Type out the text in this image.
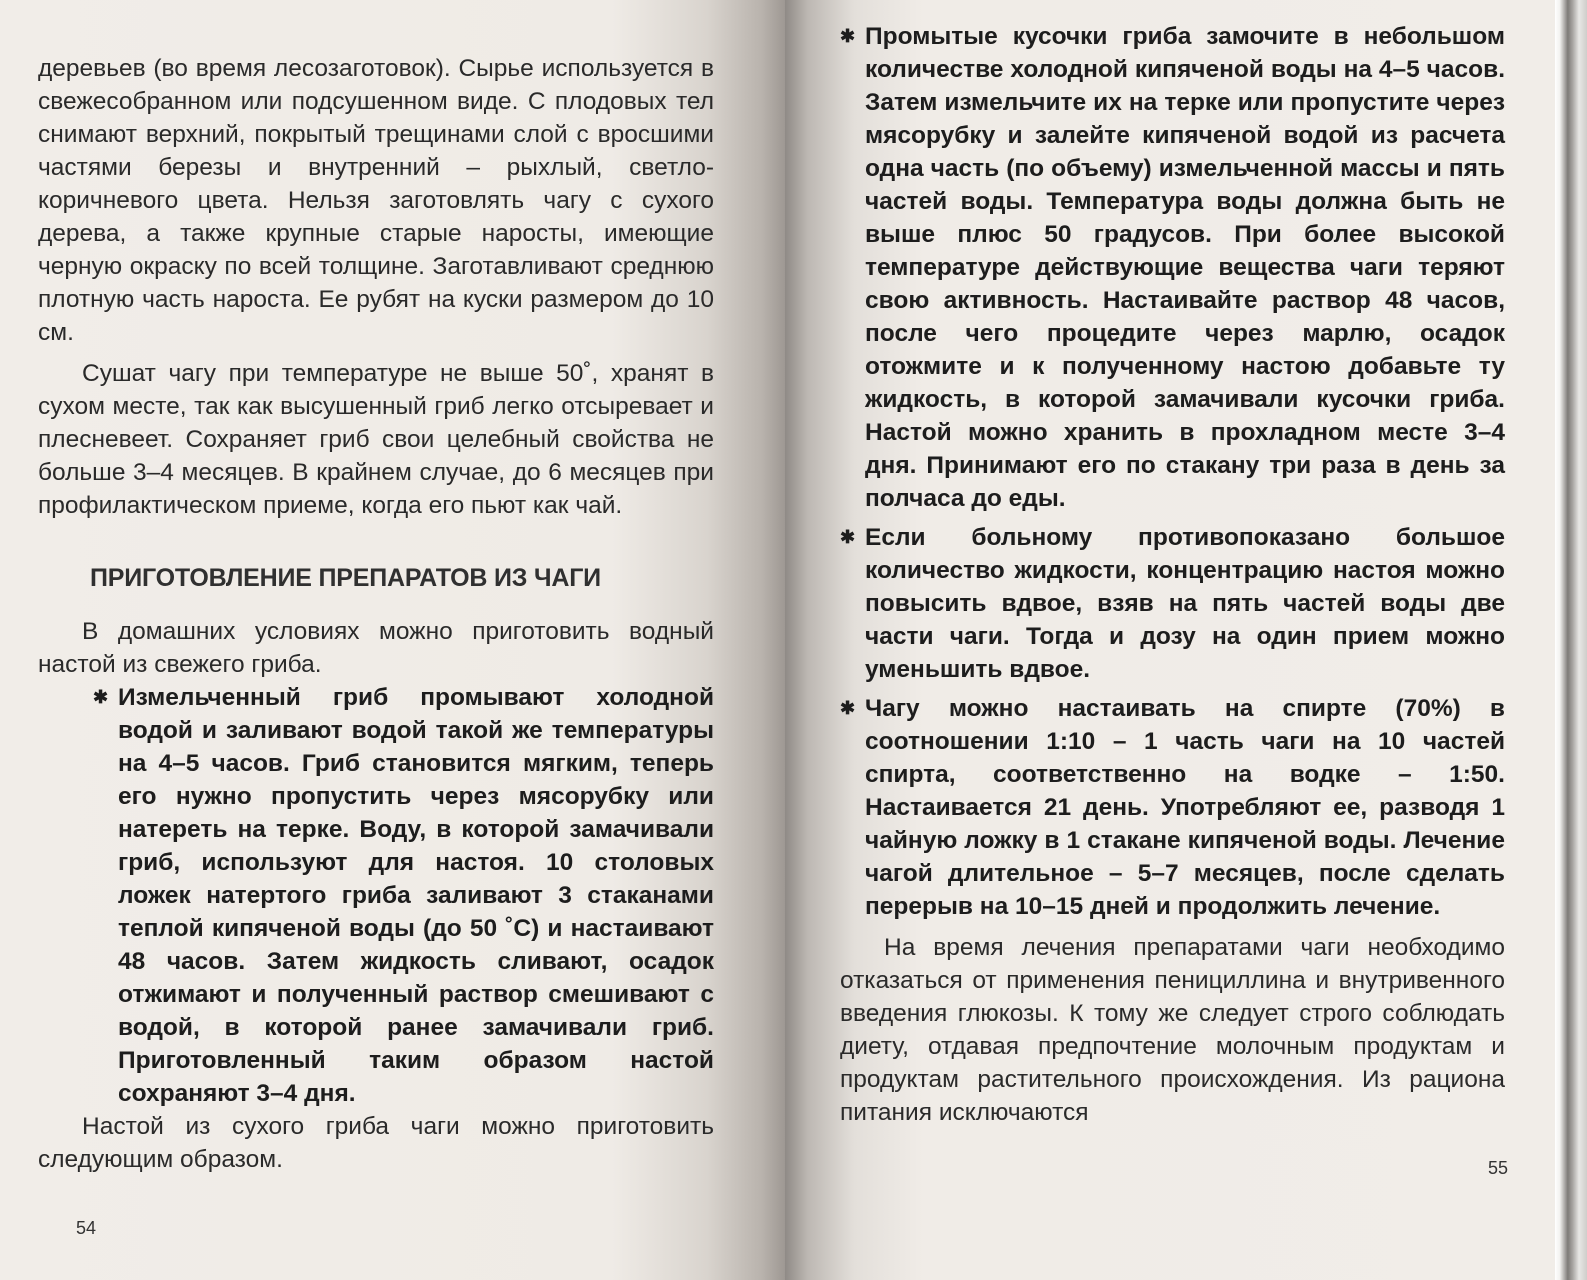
деревьев (во время лесозаготовок). Сырье используется в свежесобранном или подсушенном виде. С плодовых тел снимают верхний, покрытый трещинами слой с вросшими частями березы и внутренний – рыхлый, светло-коричневого цвета. Нельзя заготовлять чагу с сухого дерева, а также крупные старые наросты, имеющие черную окраску по всей толщине. Заготавливают среднюю плотную часть нароста. Ее рубят на куски размером до 10 см.

Сушат чагу при температуре не выше 50˚, хранят в сухом месте, так как высушенный гриб легко отсыревает и плесневеет. Сохраняет гриб свои целебный свойства не больше 3–4 месяцев. В крайнем случае, до 6 месяцев при профилактическом приеме, когда его пьют как чай.

ПРИГОТОВЛЕНИЕ ПРЕПАРАТОВ ИЗ ЧАГИ

В домашних условиях можно приготовить водный настой из свежего гриба.

✱ Измельченный гриб промывают холодной водой и заливают водой такой же температуры на 4–5 часов. Гриб становится мягким, теперь его нужно пропустить через мясорубку или натереть на терке. Воду, в которой замачивали гриб, используют для настоя. 10 столовых ложек натертого гриба заливают 3 стаканами теплой кипяченой воды (до 50 ˚С) и настаивают 48 часов. Затем жидкость сливают, осадок отжимают и полученный раствор смешивают с водой, в которой ранее замачивали гриб. Приготовленный таким образом настой сохраняют 3–4 дня.

Настой из сухого гриба чаги можно приготовить следующим образом.

54

✱ Промытые кусочки гриба замочите в небольшом количестве холодной кипяченой воды на 4–5 часов. Затем измельчите их на терке или пропустите через мясорубку и залейте кипяченой водой из расчета одна часть (по объему) измельченной массы и пять частей воды. Температура воды должна быть не выше плюс 50 градусов. При более высокой температуре действующие вещества чаги теряют свою активность. Настаивайте раствор 48 часов, после чего процедите через марлю, осадок отожмите и к полученному настою добавьте ту жидкость, в которой замачивали кусочки гриба. Настой можно хранить в прохладном месте 3–4 дня. Принимают его по стакану три раза в день за полчаса до еды.

✱ Если больному противопоказано большое количество жидкости, концентрацию настоя можно повысить вдвое, взяв на пять частей воды две части чаги. Тогда и дозу на один прием можно уменьшить вдвое.

✱ Чагу можно настаивать на спирте (70%) в соотношении 1:10 – 1 часть чаги на 10 частей спирта, соответственно на водке – 1:50. Настаивается 21 день. Употребляют ее, разводя 1 чайную ложку в 1 стакане кипяченой воды. Лечение чагой длительное – 5–7 месяцев, после сделать перерыв на 10–15 дней и продолжить лечение.

На время лечения препаратами чаги необходимо отказаться от применения пенициллина и внутривенного введения глюкозы. К тому же следует строго соблюдать диету, отдавая предпочтение молочным продуктам и продуктам растительного происхождения. Из рациона питания исключаются

55
